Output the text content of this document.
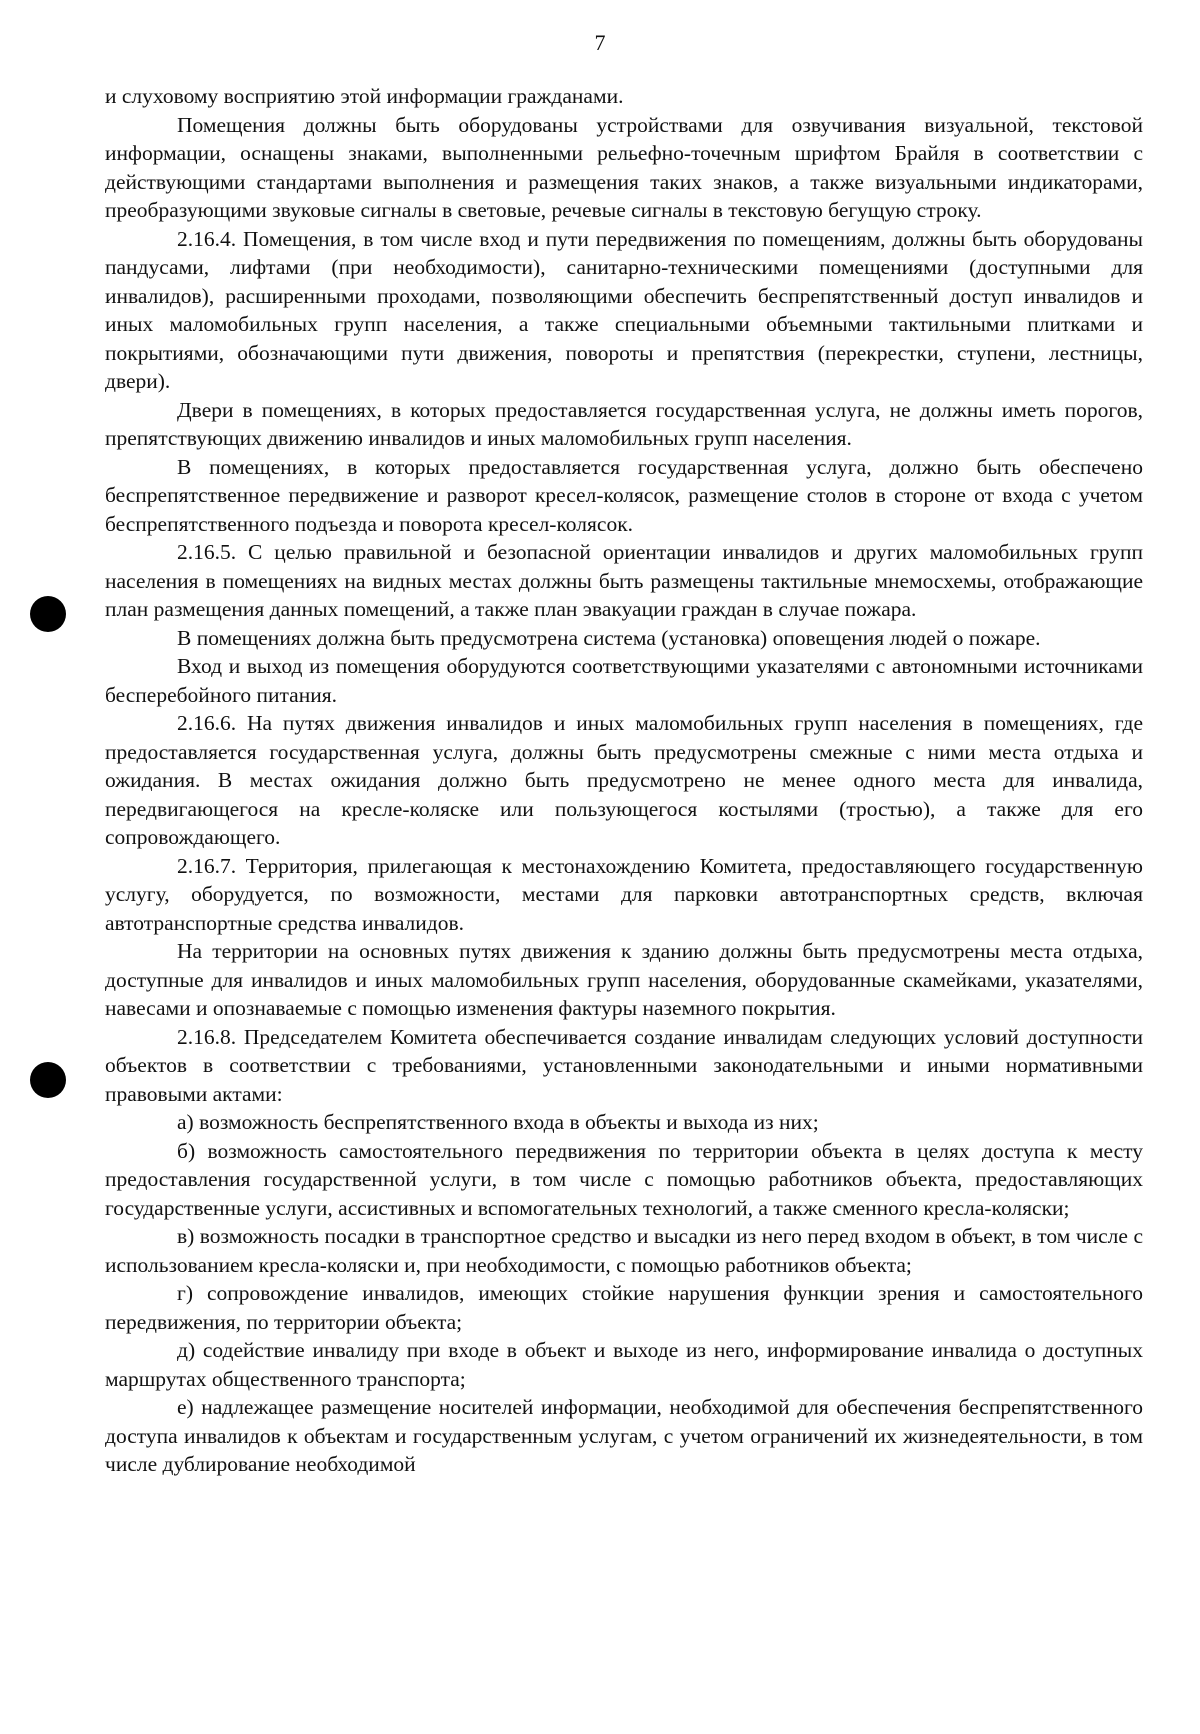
7

и слуховому восприятию этой информации гражданами.

Помещения должны быть оборудованы устройствами для озвучивания визуальной, текстовой информации, оснащены знаками, выполненными рельефно-точечным шрифтом Брайля в соответствии с действующими стандартами выполнения и размещения таких знаков, а также визуальными индикаторами, преобразующими звуковые сигналы в световые, речевые сигналы в текстовую бегущую строку.

2.16.4. Помещения, в том числе вход и пути передвижения по помещениям, должны быть оборудованы пандусами, лифтами (при необходимости), санитарно-техническими помещениями (доступными для инвалидов), расширенными проходами, позволяющими обеспечить беспрепятственный доступ инвалидов и иных маломобильных групп населения, а также специальными объемными тактильными плитками и покрытиями, обозначающими пути движения, повороты и препятствия (перекрестки, ступени, лестницы, двери).

Двери в помещениях, в которых предоставляется государственная услуга, не должны иметь порогов, препятствующих движению инвалидов и иных маломобильных групп населения.

В помещениях, в которых предоставляется государственная услуга, должно быть обеспечено беспрепятственное передвижение и разворот кресел-колясок, размещение столов в стороне от входа с учетом беспрепятственного подъезда и поворота кресел-колясок.

2.16.5. С целью правильной и безопасной ориентации инвалидов и других маломобильных групп населения в помещениях на видных местах должны быть размещены тактильные мнемосхемы, отображающие план размещения данных помещений, а также план эвакуации граждан в случае пожара.

В помещениях должна быть предусмотрена система (установка) оповещения людей о пожаре.

Вход и выход из помещения оборудуются соответствующими указателями с автономными источниками бесперебойного питания.

2.16.6. На путях движения инвалидов и иных маломобильных групп населения в помещениях, где предоставляется государственная услуга, должны быть предусмотрены смежные с ними места отдыха и ожидания. В местах ожидания должно быть предусмотрено не менее одного места для инвалида, передвигающегося на кресле-коляске или пользующегося костылями (тростью), а также для его сопровождающего.

2.16.7. Территория, прилегающая к местонахождению Комитета, предоставляющего государственную услугу, оборудуется, по возможности, местами для парковки автотранспортных средств, включая автотранспортные средства инвалидов.

На территории на основных путях движения к зданию должны быть предусмотрены места отдыха, доступные для инвалидов и иных маломобильных групп населения, оборудованные скамейками, указателями, навесами и опознаваемые с помощью изменения фактуры наземного покрытия.

2.16.8. Председателем Комитета обеспечивается создание инвалидам следующих условий доступности объектов в соответствии с требованиями, установленными законодательными и иными нормативными правовыми актами:

а) возможность беспрепятственного входа в объекты и выхода из них;

б) возможность самостоятельного передвижения по территории объекта в целях доступа к месту предоставления государственной услуги, в том числе с помощью работников объекта, предоставляющих государственные услуги, ассистивных и вспомогательных технологий, а также сменного кресла-коляски;

в) возможность посадки в транспортное средство и высадки из него перед входом в объект, в том числе с использованием кресла-коляски и, при необходимости, с помощью работников объекта;

г) сопровождение инвалидов, имеющих стойкие нарушения функции зрения и самостоятельного передвижения, по территории объекта;

д) содействие инвалиду при входе в объект и выходе из него, информирование инвалида о доступных маршрутах общественного транспорта;

е) надлежащее размещение носителей информации, необходимой для обеспечения беспрепятственного доступа инвалидов к объектам и государственным услугам, с учетом ограничений их жизнедеятельности, в том числе дублирование необходимой
